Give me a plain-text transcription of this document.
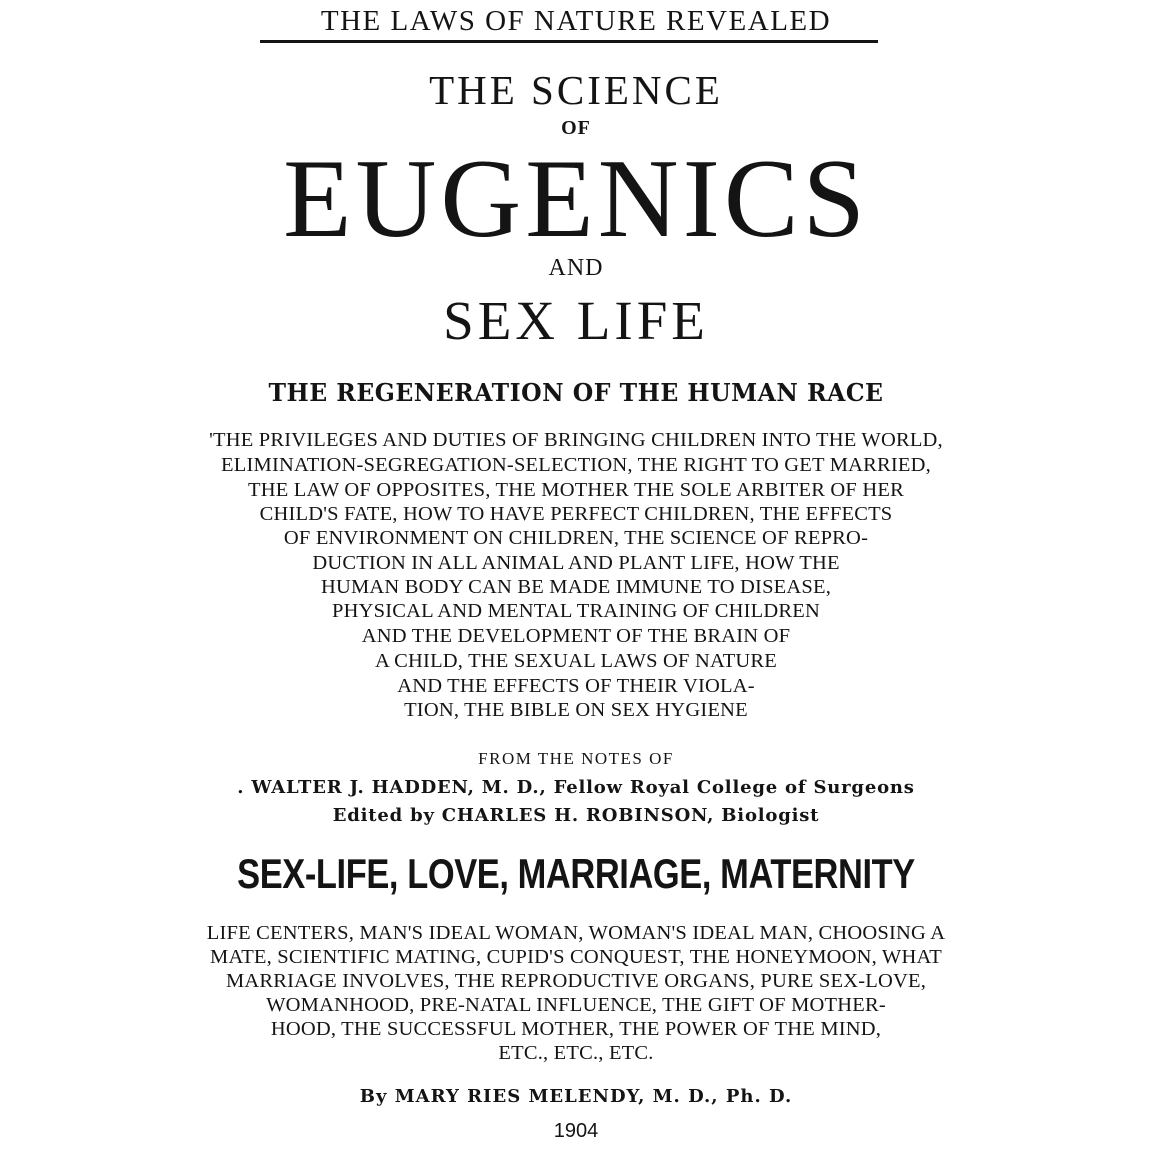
THE LAWS OF NATURE REVEALED
THE SCIENCE
OF
EUGENICS
AND
SEX LIFE
THE REGENERATION OF THE HUMAN RACE
'THE PRIVILEGES AND DUTIES OF BRINGING CHILDREN INTO THE WORLD,
ELIMINATION-SEGREGATION-SELECTION, THE RIGHT TO GET MARRIED,
THE LAW OF OPPOSITES, THE MOTHER THE SOLE ARBITER OF HER
CHILD'S FATE, HOW TO HAVE PERFECT CHILDREN, THE EFFECTS
OF ENVIRONMENT ON CHILDREN, THE SCIENCE OF REPRO-
DUCTION IN ALL ANIMAL AND PLANT LIFE, HOW THE
HUMAN BODY CAN BE MADE IMMUNE TO DISEASE,
PHYSICAL AND MENTAL TRAINING OF CHILDREN
AND THE DEVELOPMENT OF THE BRAIN OF
A CHILD, THE SEXUAL LAWS OF NATURE
AND THE EFFECTS OF THEIR VIOLA-
TION, THE BIBLE ON SEX HYGIENE
FROM THE NOTES OF
. WALTER J. HADDEN, M. D., Fellow Royal College of Surgeons
Edited by CHARLES H. ROBINSON, Biologist
SEX-LIFE, LOVE, MARRIAGE, MATERNITY
LIFE CENTERS, MAN'S IDEAL WOMAN, WOMAN'S IDEAL MAN, CHOOSING A
MATE, SCIENTIFIC MATING, CUPID'S CONQUEST, THE HONEYMOON, WHAT
MARRIAGE INVOLVES, THE REPRODUCTIVE ORGANS, PURE SEX-LOVE,
WOMANHOOD, PRE-NATAL INFLUENCE, THE GIFT OF MOTHER-
HOOD, THE SUCCESSFUL MOTHER, THE POWER OF THE MIND,
ETC., ETC., ETC.
By MARY RIES MELENDY, M. D., Ph. D.
1904
